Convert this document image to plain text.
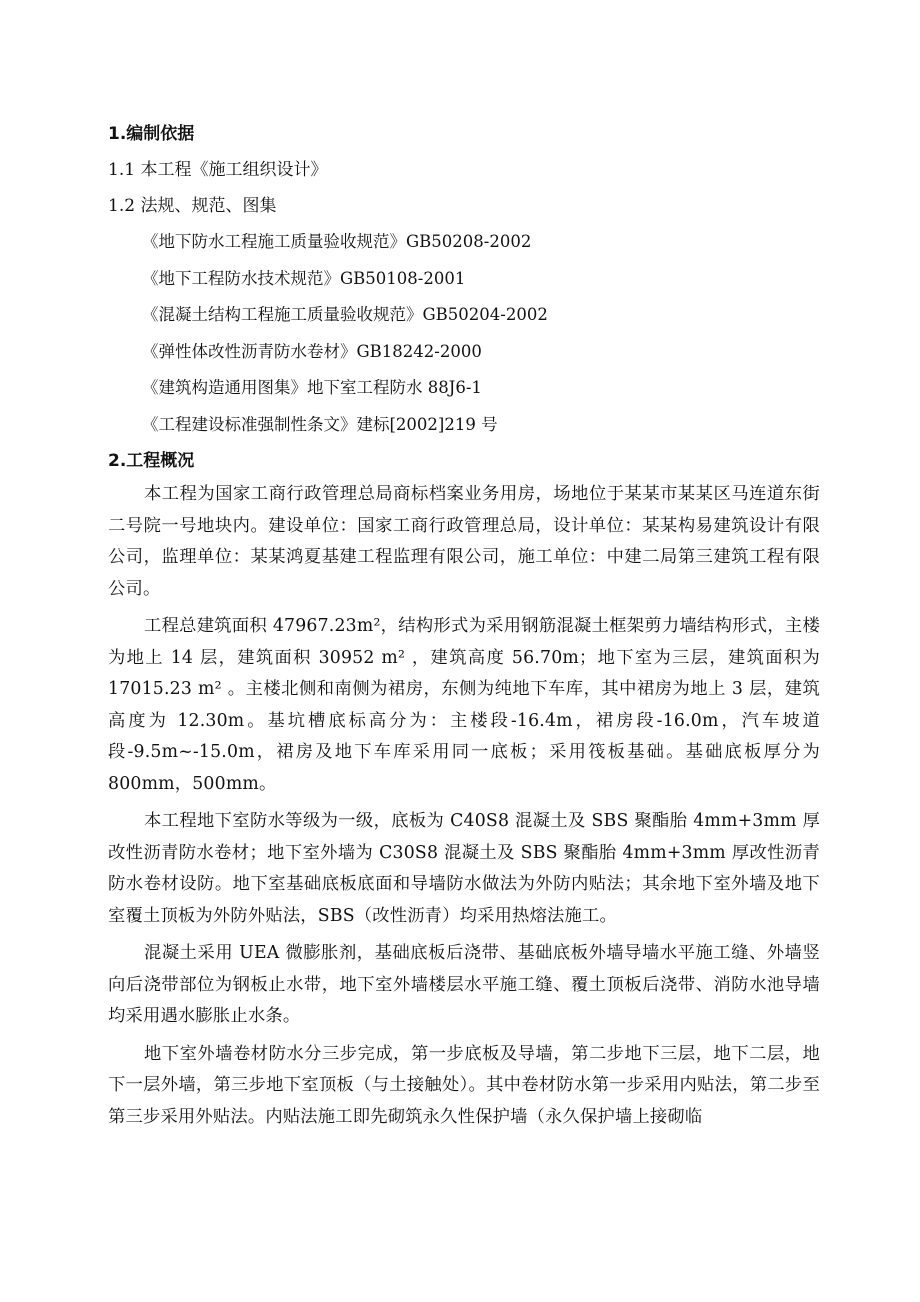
1.编制依据
1.1 本工程《施工组织设计》
1.2 法规、规范、图集
《地下防水工程施工质量验收规范》GB50208-2002
《地下工程防水技术规范》GB50108-2001
《混凝土结构工程施工质量验收规范》GB50204-2002
《弹性体改性沥青防水卷材》GB18242-2000
《建筑构造通用图集》地下室工程防水 88J6-1
《工程建设标准强制性条文》建标[2002]219 号
2.工程概况

本工程为国家工商行政管理总局商标档案业务用房，场地位于某某市某某区马连道东街二号院一号地块内。建设单位：国家工商行政管理总局，设计单位：某某构易建筑设计有限公司，监理单位：某某鸿夏基建工程监理有限公司，施工单位：中建二局第三建筑工程有限公司。

工程总建筑面积 47967.23m²，结构形式为采用钢筋混凝土框架剪力墙结构形式，主楼为地上 14 层，建筑面积 30952 m² ，建筑高度 56.70m；地下室为三层，建筑面积为 17015.23 m² 。主楼北侧和南侧为裙房，东侧为纯地下车库，其中裙房为地上 3 层，建筑高度为 12.30m。基坑槽底标高分为：主楼段-16.4m，裙房段-16.0m，汽车坡道段-9.5m~-15.0m，裙房及地下车库采用同一底板；采用筏板基础。基础底板厚分为 800mm，500mm。

本工程地下室防水等级为一级，底板为 C40S8 混凝土及 SBS 聚酯胎 4mm+3mm 厚改性沥青防水卷材；地下室外墙为 C30S8 混凝土及 SBS 聚酯胎 4mm+3mm 厚改性沥青防水卷材设防。地下室基础底板底面和导墙防水做法为外防内贴法；其余地下室外墙及地下室覆土顶板为外防外贴法，SBS（改性沥青）均采用热熔法施工。

混凝土采用 UEA 微膨胀剂，基础底板后浇带、基础底板外墙导墙水平施工缝、外墙竖向后浇带部位为钢板止水带，地下室外墙楼层水平施工缝、覆土顶板后浇带、消防水池导墙均采用遇水膨胀止水条。

地下室外墙卷材防水分三步完成，第一步底板及导墙，第二步地下三层，地下二层，地下一层外墙，第三步地下室顶板（与土接触处）。其中卷材防水第一步采用内贴法，第二步至第三步采用外贴法。内贴法施工即先砌筑永久性保护墙（永久保护墙上接砌临
